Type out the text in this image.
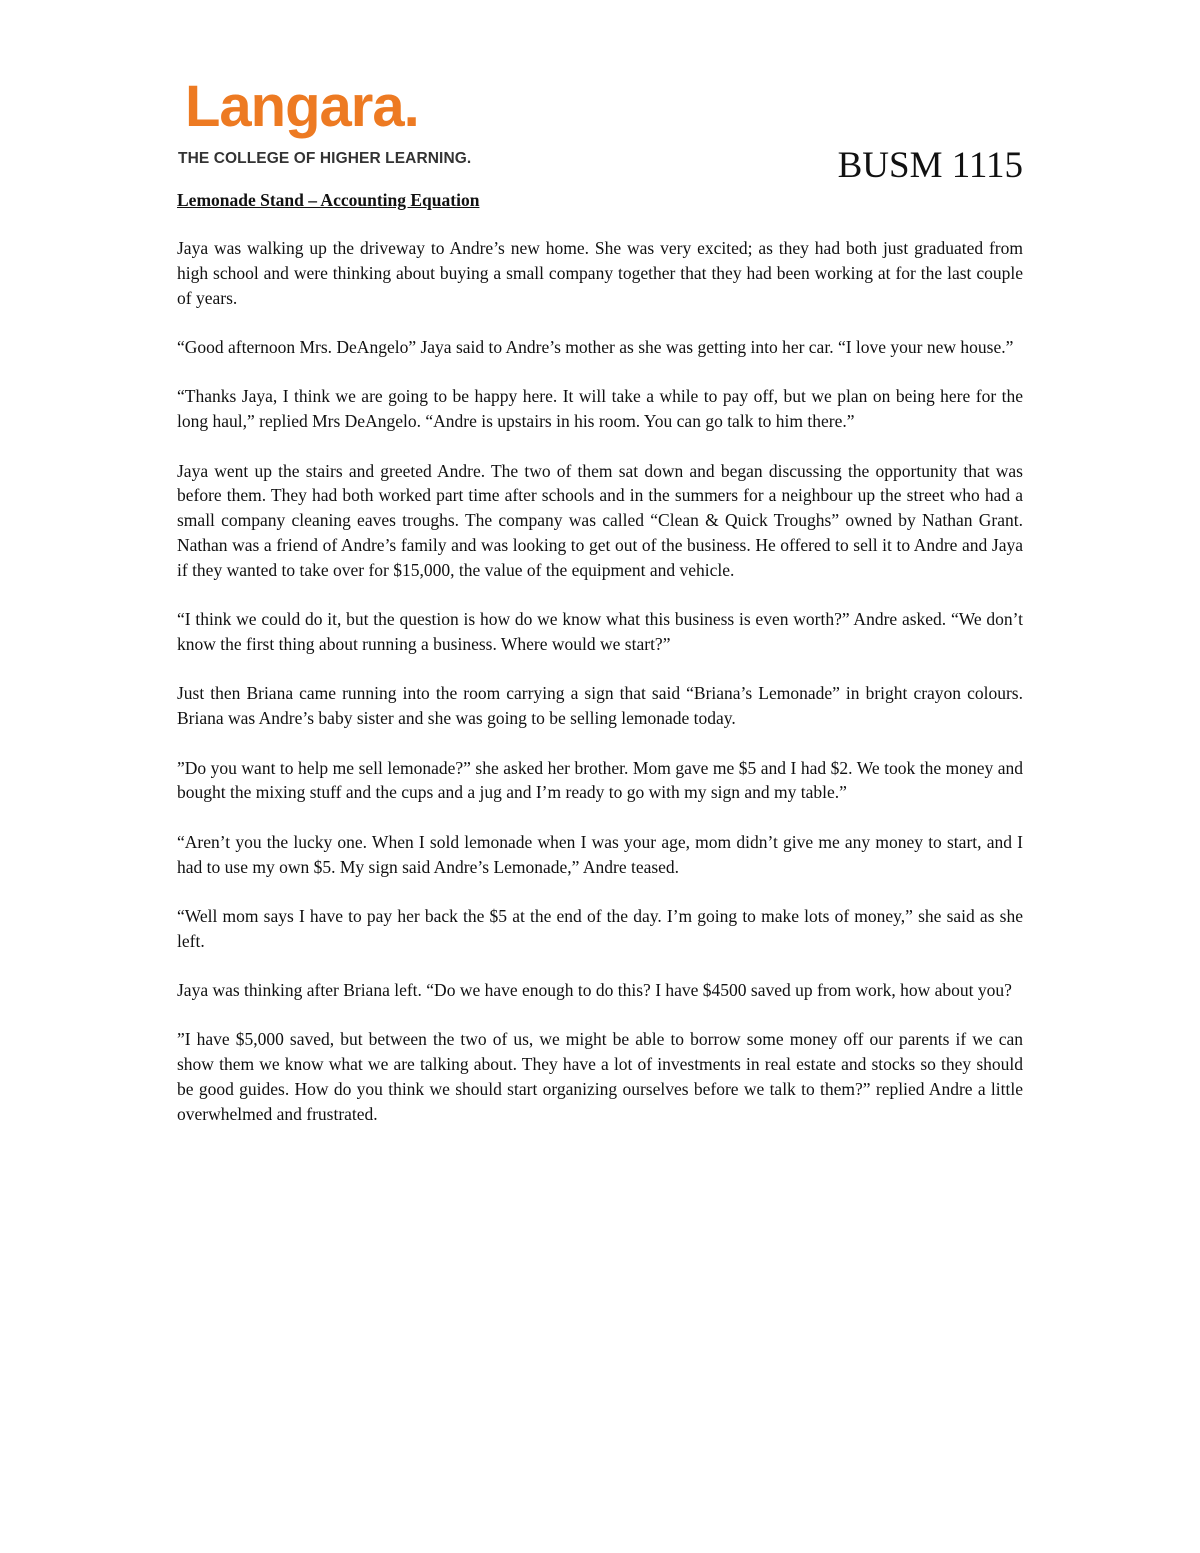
Langara.
THE COLLEGE OF HIGHER LEARNING.	BUSM 1115
Lemonade Stand – Accounting Equation

Jaya was walking up the driveway to Andre’s new home. She was very excited; as they had both just graduated from high school and were thinking about buying a small company together that they had been working at for the last couple of years.

“Good afternoon Mrs. DeAngelo” Jaya said to Andre’s mother as she was getting into her car. “I love your new house.”

“Thanks Jaya, I think we are going to be happy here. It will take a while to pay off, but we plan on being here for the long haul,” replied Mrs DeAngelo. “Andre is upstairs in his room. You can go talk to him there.”

Jaya went up the stairs and greeted Andre. The two of them sat down and began discussing the opportunity that was before them. They had both worked part time after schools and in the summers for a neighbour up the street who had a small company cleaning eaves troughs. The company was called “Clean & Quick Troughs” owned by Nathan Grant. Nathan was a friend of Andre’s family and was looking to get out of the business. He offered to sell it to Andre and Jaya if they wanted to take over for $15,000, the value of the equipment and vehicle.

“I think we could do it, but the question is how do we know what this business is even worth?” Andre asked. “We don’t know the first thing about running a business. Where would we start?”

Just then Briana came running into the room carrying a sign that said “Briana’s Lemonade” in bright crayon colours. Briana was Andre’s baby sister and she was going to be selling lemonade today.

”Do you want to help me sell lemonade?” she asked her brother. Mom gave me $5 and I had $2. We took the money and bought the mixing stuff and the cups and a jug and I’m ready to go with my sign and my table.”

“Aren’t you the lucky one. When I sold lemonade when I was your age, mom didn’t give me any money to start, and I had to use my own $5. My sign said Andre’s Lemonade,” Andre teased.

“Well mom says I have to pay her back the $5 at the end of the day. I’m going to make lots of money,” she said as she left.

Jaya was thinking after Briana left. “Do we have enough to do this? I have $4500 saved up from work, how about you?

”I have $5,000 saved, but between the two of us, we might be able to borrow some money off our parents if we can show them we know what we are talking about. They have a lot of investments in real estate and stocks so they should be good guides. How do you think we should start organizing ourselves before we talk to them?” replied Andre a little overwhelmed and frustrated.
